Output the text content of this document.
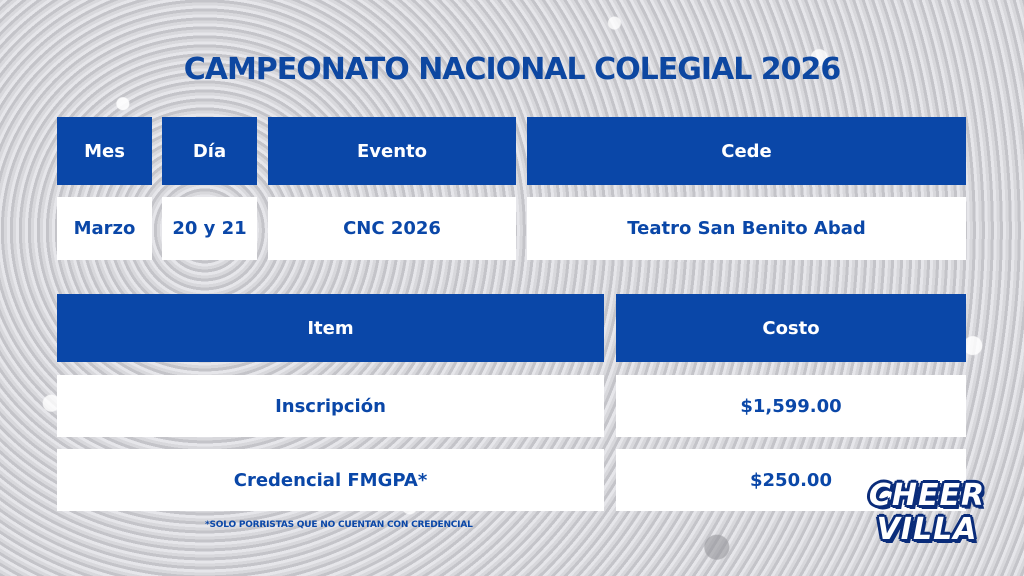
CAMPEONATO NACIONAL COLEGIAL 2026
Mes	Día	Evento	Cede
Marzo	20 y 21	CNC 2026	Teatro San Benito Abad
Item	Costo
Inscripción	$1,599.00
Credencial FMGPA*	$250.00
*SOLO PORRISTAS QUE NO CUENTAN CON CREDENCIAL
CHEER
VILLA
